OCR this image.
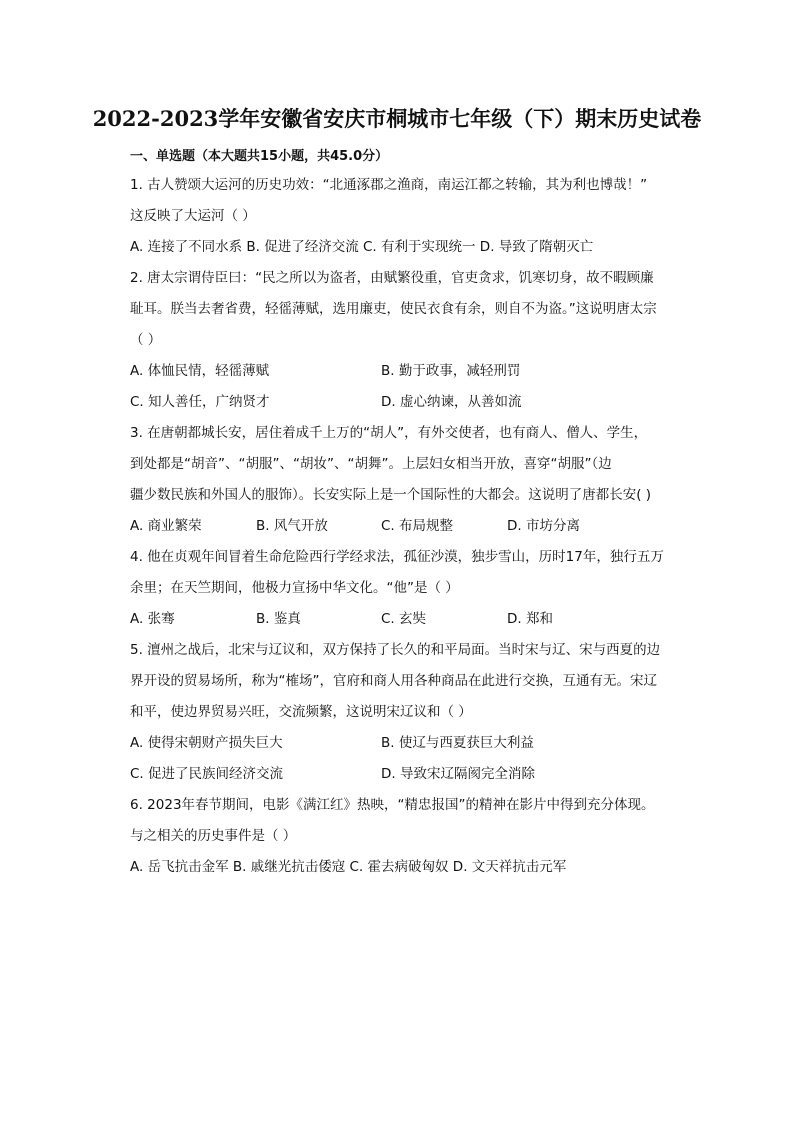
2022-2023学年安徽省安庆市桐城市七年级（下）期末历史试卷
一、单选题（本大题共15小题，共45.0分）
1. 古人赞颂大运河的历史功效：“北通涿郡之渔商，南运江都之转输，其为利也博哉！”
这反映了大运河（ ）
A. 连接了不同水系 B. 促进了经济交流 C. 有利于实现统一 D. 导致了隋朝灭亡
2. 唐太宗谓侍臣曰：“民之所以为盗者，由赋繁役重，官吏贪求，饥寒切身，故不暇顾廉
耻耳。朕当去奢省费，轻徭薄赋，选用廉吏，使民衣食有余，则自不为盗。”这说明唐太宗
（ ）
A. 体恤民情，轻徭薄赋	B. 勤于政事，减轻刑罚
C. 知人善任，广纳贤才	D. 虚心纳谏，从善如流
3. 在唐朝都城长安，居住着成千上万的“胡人”，有外交使者，也有商人、僧人、学生，
到处都是“胡音”、“胡服”、“胡妆”、“胡舞”。上层妇女相当开放，喜穿“胡服”（边
疆少数民族和外国人的服饰）。长安实际上是一个国际性的大都会。这说明了唐都长安( )
A. 商业繁荣	B. 风气开放	C. 布局规整	D. 市坊分离
4. 他在贞观年间冒着生命危险西行学经求法，孤征沙漠，独步雪山，历时17年，独行五万
余里；在天竺期间，他极力宣扬中华文化。“他”是（ ）
A. 张骞	B. 鉴真	C. 玄奘	D. 郑和
5. 澶州之战后，北宋与辽议和，双方保持了长久的和平局面。当时宋与辽、宋与西夏的边
界开设的贸易场所，称为“榷场”，官府和商人用各种商品在此进行交换，互通有无。宋辽
和平，使边界贸易兴旺，交流频繁，这说明宋辽议和（ ）
A. 使得宋朝财产损失巨大	B. 使辽与西夏获巨大利益
C. 促进了民族间经济交流	D. 导致宋辽隔阂完全消除
6. 2023年春节期间，电影《满江红》热映，“精忠报国”的精神在影片中得到充分体现。
与之相关的历史事件是（ ）
A. 岳飞抗击金军 B. 戚继光抗击倭寇 C. 霍去病破匈奴 D. 文天祥抗击元军
